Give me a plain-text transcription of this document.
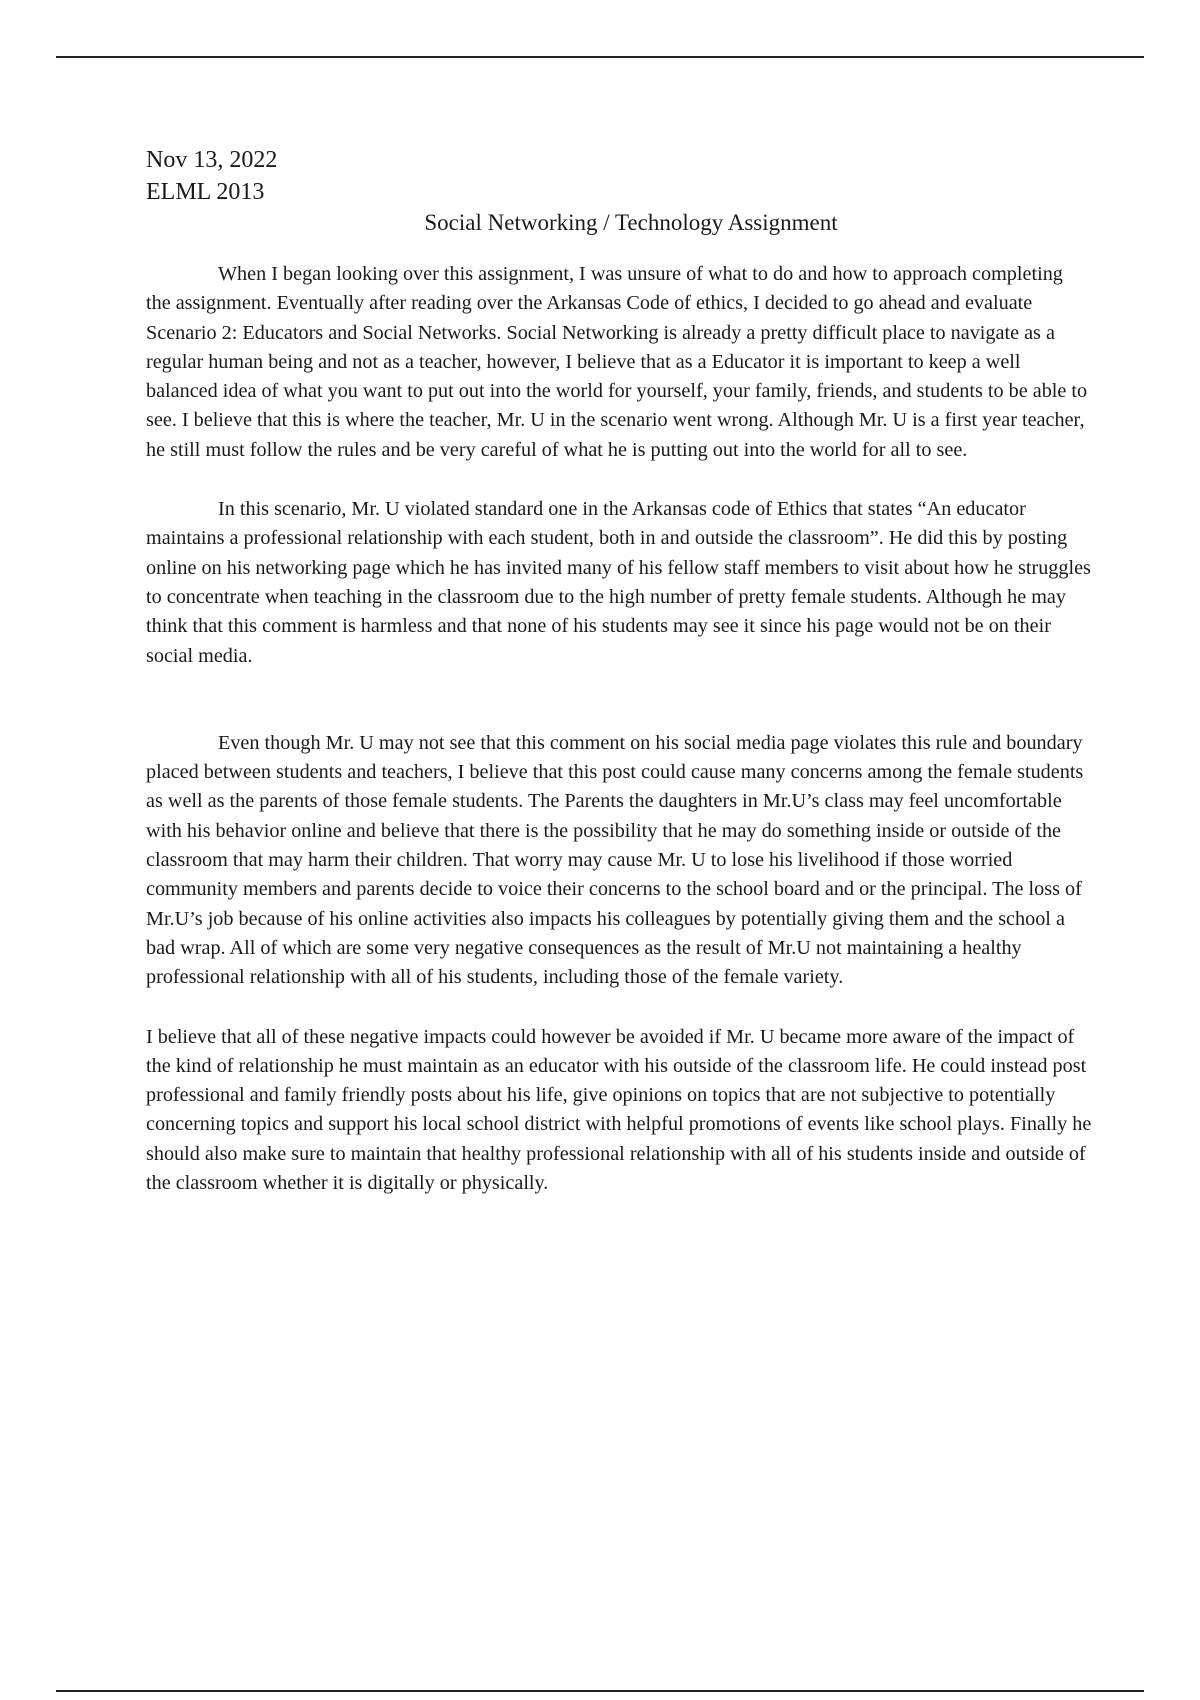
Nov 13, 2022
ELML 2013
Social Networking / Technology Assignment

When I began looking over this assignment, I was unsure of what to do and how to approach completing the assignment. Eventually after reading over the Arkansas Code of ethics, I decided to go ahead and evaluate Scenario 2: Educators and Social Networks. Social Networking is already a pretty difficult place to navigate as a regular human being and not as a teacher, however, I believe that as a Educator it is important to keep a well balanced idea of what you want to put out into the world for yourself, your family, friends, and students to be able to see. I believe that this is where the teacher, Mr. U in the scenario went wrong. Although Mr. U is a first year teacher, he still must follow the rules and be very careful of what he is putting out into the world for all to see.

In this scenario, Mr. U violated standard one in the Arkansas code of Ethics that states “An educator maintains a professional relationship with each student, both in and outside the classroom”. He did this by posting online on his networking page which he has invited many of his fellow staff members to visit about how he struggles to concentrate when teaching in the classroom due to the high number of pretty female students. Although he may think that this comment is harmless and that none of his students may see it since his page would not be on their social media.

Even though Mr. U may not see that this comment on his social media page violates this rule and boundary placed between students and teachers, I believe that this post could cause many concerns among the female students as well as the parents of those female students. The Parents the daughters in Mr.U’s class may feel uncomfortable with his behavior online and believe that there is the possibility that he may do something inside or outside of the classroom that may harm their children. That worry may cause Mr. U to lose his livelihood if those worried community members and parents decide to voice their concerns to the school board and or the principal. The loss of Mr.U’s job because of his online activities also impacts his colleagues by potentially giving them and the school a bad wrap. All of which are some very negative consequences as the result of Mr.U not maintaining a healthy professional relationship with all of his students, including those of the female variety.

I believe that all of these negative impacts could however be avoided if Mr. U became more aware of the impact of the kind of relationship he must maintain as an educator with his outside of the classroom life. He could instead post professional and family friendly posts about his life, give opinions on topics that are not subjective to potentially concerning topics and support his local school district with helpful promotions of events like school plays. Finally he should also make sure to maintain that healthy professional relationship with all of his students inside and outside of the classroom whether it is digitally or physically.
